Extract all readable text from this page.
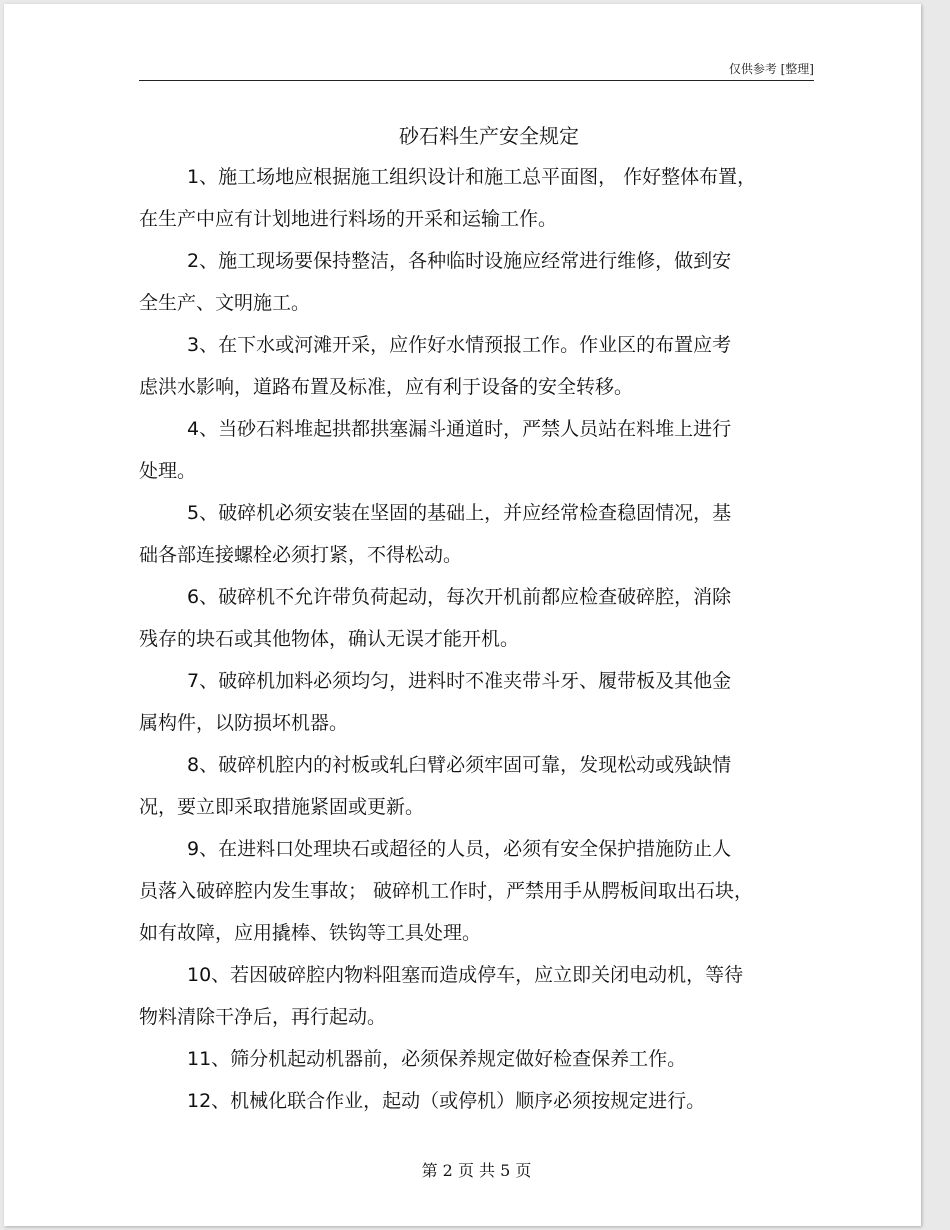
仅供参考 [整理]
砂石料生产安全规定
1、施工场地应根据施工组织设计和施工总平面图， 作好整体布置，
在生产中应有计划地进行料场的开采和运输工作。
2、施工现场要保持整洁，各种临时设施应经常进行维修，做到安
全生产、文明施工。
3、在下水或河滩开采，应作好水情预报工作。作业区的布置应考
虑洪水影响，道路布置及标准，应有利于设备的安全转移。
4、当砂石料堆起拱都拱塞漏斗通道时，严禁人员站在料堆上进行
处理。
5、破碎机必须安装在坚固的基础上，并应经常检查稳固情况，基
础各部连接螺栓必须打紧，不得松动。
6、破碎机不允许带负荷起动，每次开机前都应检查破碎腔，消除
残存的块石或其他物体，确认无误才能开机。
7、破碎机加料必须均匀，进料时不准夹带斗牙、履带板及其他金
属构件，以防损坏机器。
8、破碎机腔内的衬板或轧臼臂必须牢固可靠，发现松动或残缺情
况，要立即采取措施紧固或更新。
9、在进料口处理块石或超径的人员，必须有安全保护措施防止人
员落入破碎腔内发生事故； 破碎机工作时，严禁用手从腭板间取出石块，
如有故障，应用撬棒、铁钩等工具处理。
10、若因破碎腔内物料阻塞而造成停车，应立即关闭电动机，等待
物料清除干净后，再行起动。
11、筛分机起动机器前，必须保养规定做好检查保养工作。
12、机械化联合作业，起动（或停机）顺序必须按规定进行。
第 2 页 共 5 页
